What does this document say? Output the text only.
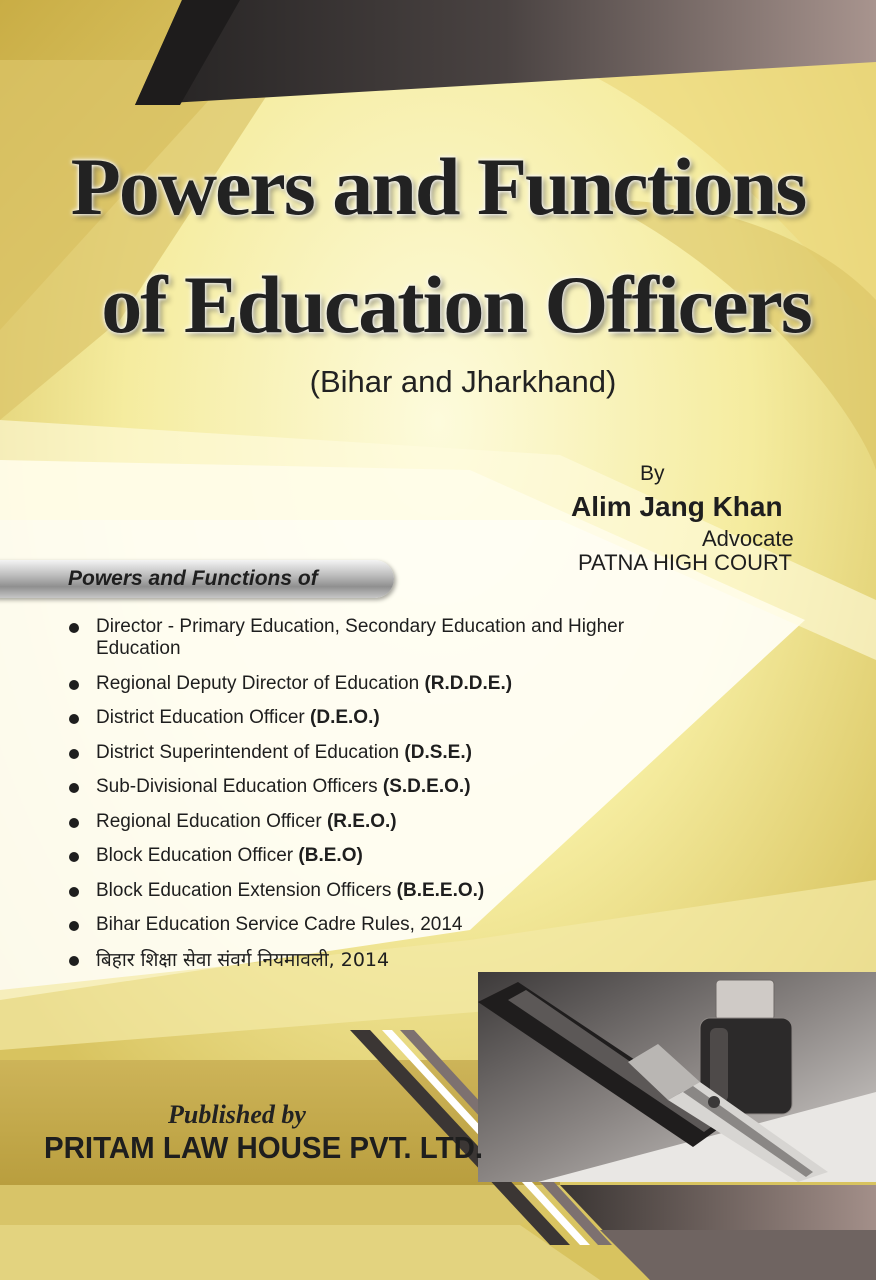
Powers and Functions
of Education Officers
(Bihar and Jharkhand)
By
Alim Jang Khan
Advocate
PATNA HIGH COURT
Powers and Functions of
Director - Primary Education, Secondary Education and Higher Education
Regional Deputy Director of Education (R.D.D.E.)
District Education Officer (D.E.O.)
District Superintendent of Education (D.S.E.)
Sub-Divisional Education Officers (S.D.E.O.)
Regional Education Officer (R.E.O.)
Block Education Officer (B.E.O)
Block Education Extension Officers (B.E.E.O.)
Bihar Education Service Cadre Rules, 2014
बिहार शिक्षा सेवा संवर्ग नियमावली, 2014
Published by
PRITAM LAW HOUSE PVT. LTD.
